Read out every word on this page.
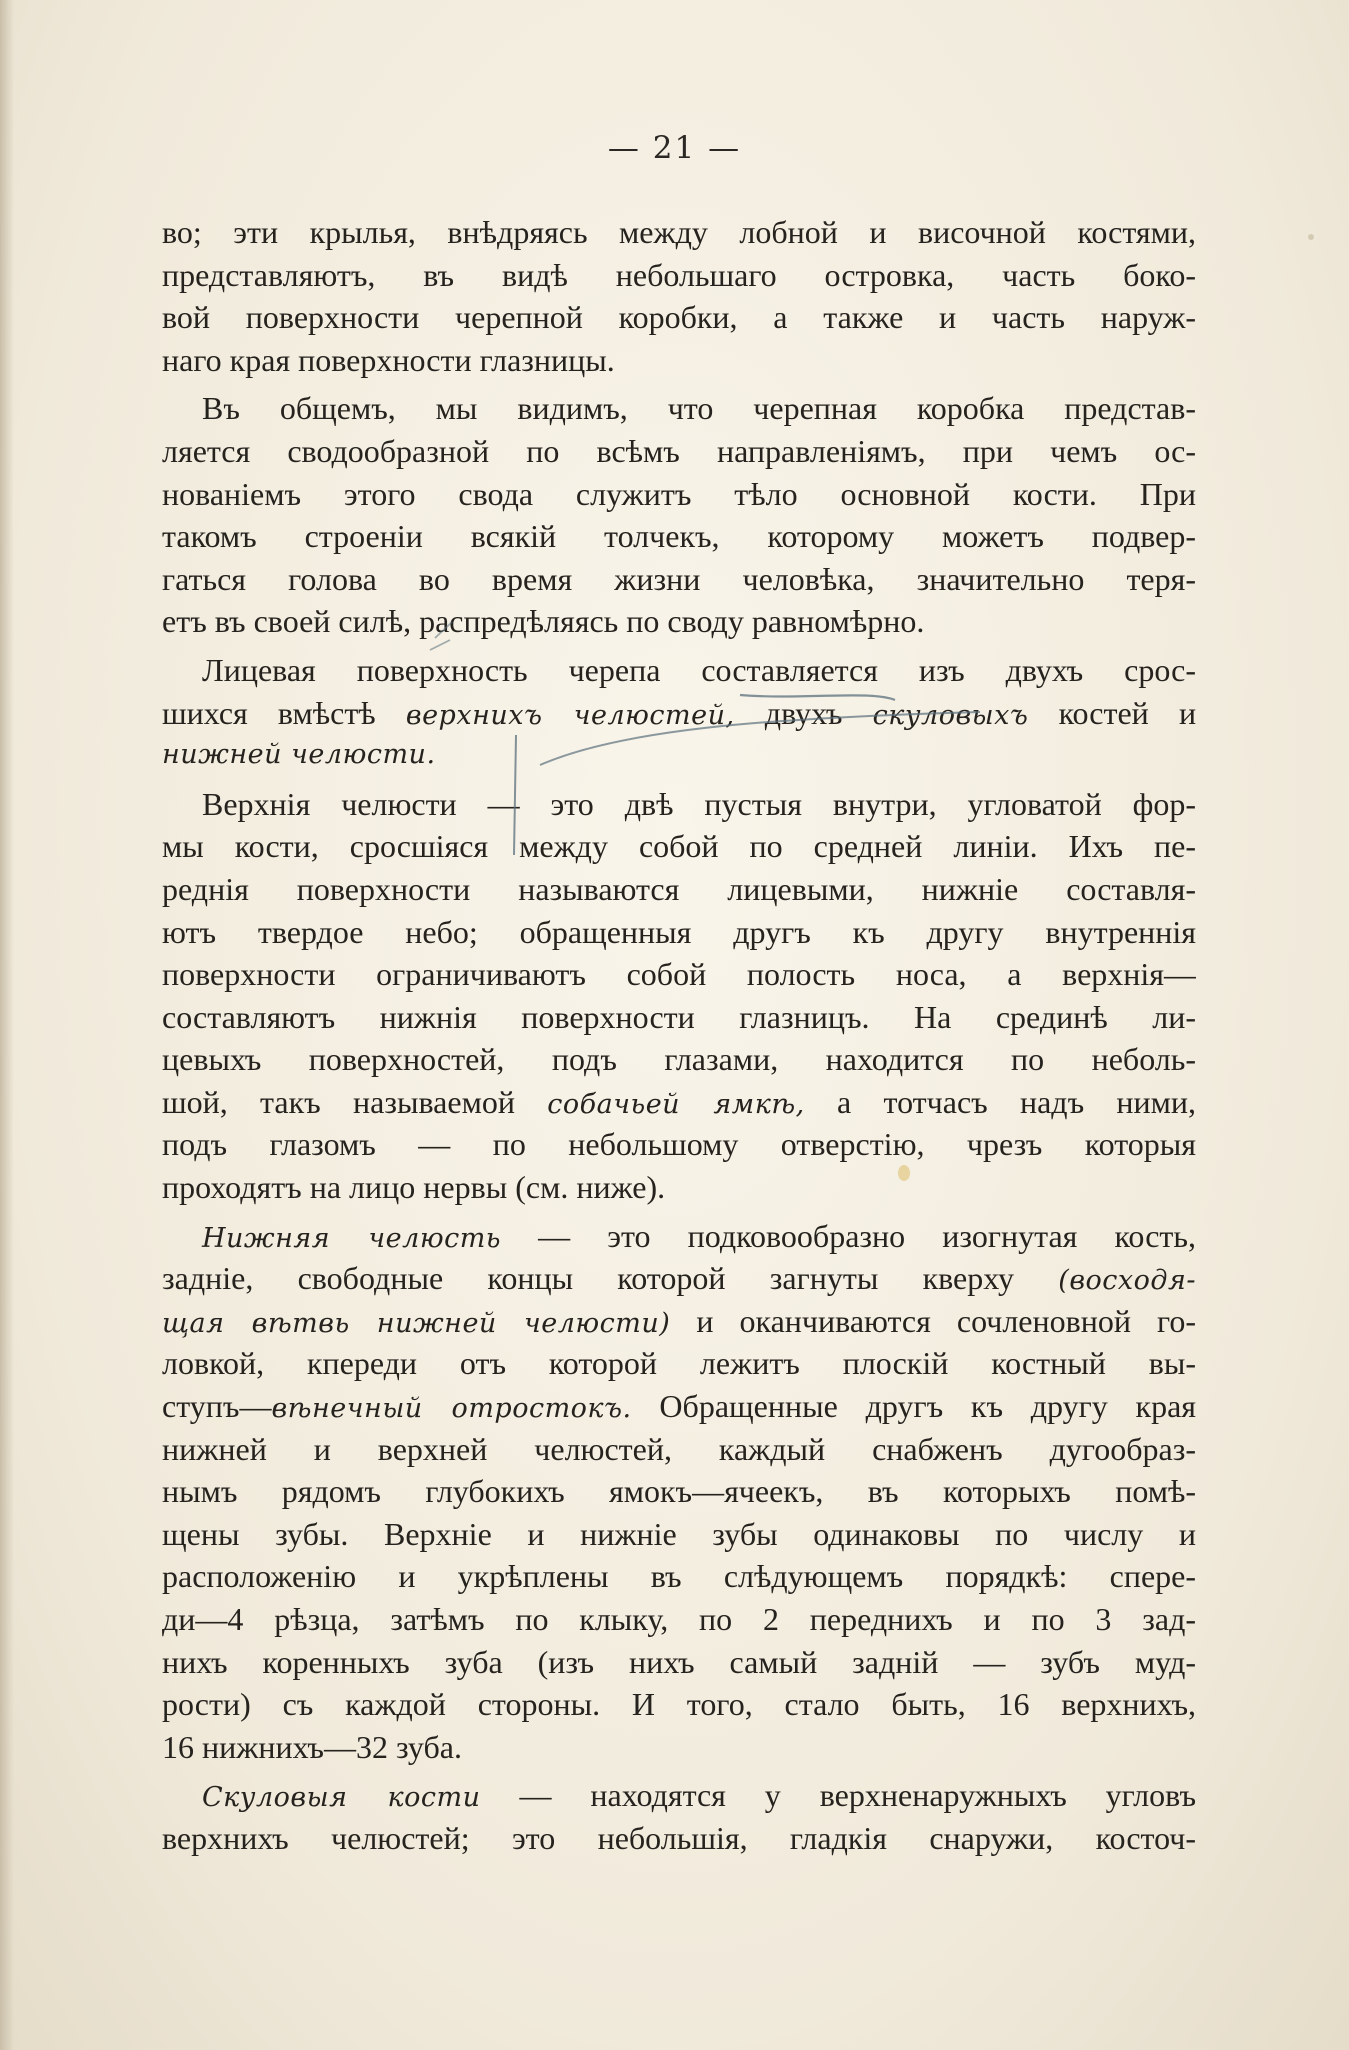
— 21 —
во; эти крылья, внѣдряясь между лобной и височной костями,
представляютъ, въ видѣ небольшаго островка, часть боко-
вой поверхности черепной коробки, а также и часть наруж-
наго края поверхности глазницы.
Въ общемъ, мы видимъ, что черепная коробка представ-
ляется сводообразной по всѣмъ направленіямъ, при чемъ ос-
нованіемъ этого свода служитъ тѣло основной кости. При
такомъ строеніи всякій толчекъ, которому можетъ подвер-
гаться голова во время жизни человѣка, значительно теря-
етъ въ своей силѣ, распредѣляясь по своду равномѣрно.
Лицевая поверхность черепа составляется изъ двухъ срос-
шихся вмѣстѣ верхнихъ челюстей, двухъ скуловыхъ костей и
нижней челюсти.
Верхнія челюсти — это двѣ пустыя внутри, угловатой фор-
мы кости, сросшіяся между собой по средней линіи. Ихъ пе-
реднія поверхности называются лицевыми, нижніе составля-
ютъ твердое небо; обращенныя другъ къ другу внутреннія
поверхности ограничиваютъ собой полость носа, а верхнія—
составляютъ нижнія поверхности глазницъ. На срединѣ ли-
цевыхъ поверхностей, подъ глазами, находится по неболь-
шой, такъ называемой собачьей ямкѣ, а тотчасъ надъ ними,
подъ глазомъ — по небольшому отверстію, чрезъ которыя
проходятъ на лицо нервы (см. ниже).
Нижняя челюсть — это подковообразно изогнутая кость,
задніе, свободные концы которой загнуты кверху (восходя-
щая вѣтвь нижней челюсти) и оканчиваются сочленовной го-
ловкой, кпереди отъ которой лежитъ плоскій костный вы-
ступъ—вѣнечный отростокъ. Обращенные другъ къ другу края
нижней и верхней челюстей, каждый снабженъ дугообраз-
нымъ рядомъ глубокихъ ямокъ—ячеекъ, въ которыхъ помѣ-
щены зубы. Верхніе и нижніе зубы одинаковы по числу и
расположенію и укрѣплены въ слѣдующемъ порядкѣ: спере-
ди—4 рѣзца, затѣмъ по клыку, по 2 переднихъ и по 3 зад-
нихъ коренныхъ зуба (изъ нихъ самый задній — зубъ муд-
рости) съ каждой стороны. И того, стало быть, 16 верхнихъ,
16 нижнихъ—32 зуба.
Скуловыя кости — находятся у верхненаружныхъ угловъ
верхнихъ челюстей; это небольшія, гладкія снаружи, косточ-
